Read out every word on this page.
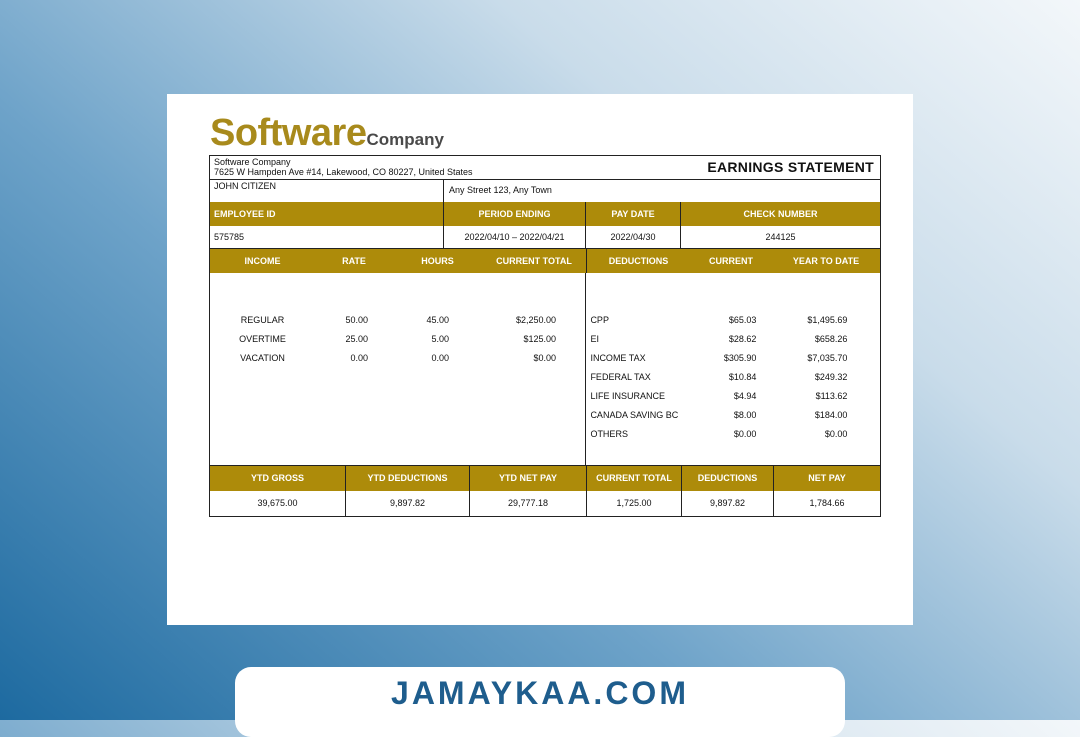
SoftwareCompany
Software Company
7625 W Hampden Ave #14, Lakewood, CO 80227, United States	EARNINGS STATEMENT
JOHN CITIZEN	Any Street 123, Any Town
EMPLOYEE ID	PERIOD ENDING	PAY DATE	CHECK NUMBER
575785	2022/04/10 – 2022/04/21	2022/04/30	244125
INCOME	RATE	HOURS	CURRENT TOTAL	DEDUCTIONS	CURRENT	YEAR TO DATE
REGULAR	50.00	45.00	$2,250.00
OVERTIME	25.00	5.00	$125.00
VACATION	0.00	0.00	$0.00
CPP	$65.03	$1,495.69
EI	$28.62	$658.26
INCOME TAX	$305.90	$7,035.70
FEDERAL TAX	$10.84	$249.32
LIFE INSURANCE	$4.94	$113.62
CANADA SAVING BC	$8.00	$184.00
OTHERS	$0.00	$0.00
YTD GROSS	YTD DEDUCTIONS	YTD NET PAY	CURRENT TOTAL	DEDUCTIONS	NET PAY
39,675.00	9,897.82	29,777.18	1,725.00	9,897.82	1,784.66
JAMAYKAA.COM
